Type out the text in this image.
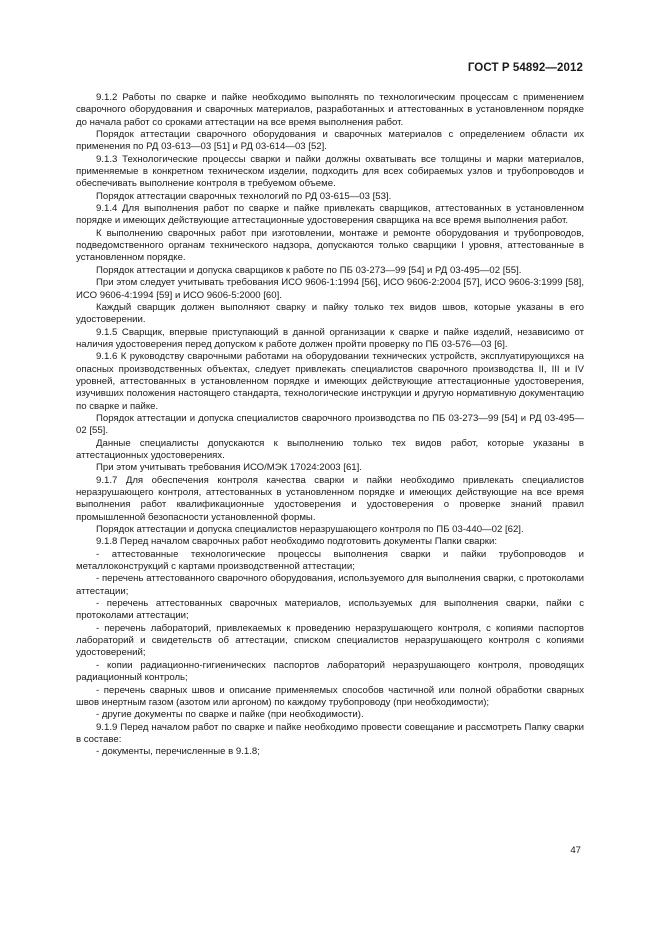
ГОСТ Р 54892—2012

9.1.2 Работы по сварке и пайке необходимо выполнять по технологическим процессам с применением сварочного оборудования и сварочных материалов, разработанных и аттестованных в установленном порядке до начала работ со сроками аттестации на все время выполнения работ.

Порядок аттестации сварочного оборудования и сварочных материалов с определением области их применения по РД 03-613—03 [51] и РД 03-614—03 [52].

9.1.3 Технологические процессы сварки и пайки должны охватывать все толщины и марки материалов, применяемые в конкретном техническом изделии, подходить для всех собираемых узлов и трубопроводов и обеспечивать выполнение контроля в требуемом объеме.

Порядок аттестации сварочных технологий по РД 03-615—03 [53].

9.1.4 Для выполнения работ по сварке и пайке привлекать сварщиков, аттестованных в установленном порядке и имеющих действующие аттестационные удостоверения сварщика на все время выполнения работ.

К выполнению сварочных работ при изготовлении, монтаже и ремонте оборудования и трубопроводов, подведомственного органам технического надзора, допускаются только сварщики I уровня, аттестованные в установленном порядке.

Порядок аттестации и допуска сварщиков к работе по ПБ 03-273—99 [54] и РД 03-495—02 [55].

При этом следует учитывать требования ИСО 9606-1:1994 [56], ИСО 9606-2:2004 [57], ИСО 9606-3:1999 [58], ИСО 9606-4:1994 [59] и ИСО 9606-5:2000 [60].

Каждый сварщик должен выполняют сварку и пайку только тех видов швов, которые указаны в его удостоверении.

9.1.5 Сварщик, впервые приступающий в данной организации к сварке и пайке изделий, независимо от наличия удостоверения перед допуском к работе должен пройти проверку по ПБ 03-576—03 [6].

9.1.6 К руководству сварочными работами на оборудовании технических устройств, эксплуатирующихся на опасных производственных объектах, следует привлекать специалистов сварочного производства II, III и IV уровней, аттестованных в установленном порядке и имеющих действующие аттестационные удостоверения, изучивших положения настоящего стандарта, технологические инструкции и другую нормативную документацию по сварке и пайке.

Порядок аттестации и допуска специалистов сварочного производства по ПБ 03-273—99 [54] и РД 03-495—02 [55].

Данные специалисты допускаются к выполнению только тех видов работ, которые указаны в аттестационных удостоверениях.

При этом учитывать требования ИСО/МЭК 17024:2003 [61].

9.1.7 Для обеспечения контроля качества сварки и пайки необходимо привлекать специалистов неразрушающего контроля, аттестованных в установленном порядке и имеющих действующие на все время выполнения работ квалификационные удостоверения и удостоверения о проверке знаний правил промышленной безопасности установленной формы.

Порядок аттестации и допуска специалистов неразрушающего контроля по ПБ 03-440—02 [62].

9.1.8 Перед началом сварочных работ необходимо подготовить документы Папки сварки:

- аттестованные технологические процессы выполнения сварки и пайки трубопроводов и металлоконструкций с картами производственной аттестации;

- перечень аттестованного сварочного оборудования, используемого для выполнения сварки, с протоколами аттестации;

- перечень аттестованных сварочных материалов, используемых для выполнения сварки, пайки с протоколами аттестации;

- перечень лабораторий, привлекаемых к проведению неразрушающего контроля, с копиями паспортов лабораторий и свидетельств об аттестации, списком специалистов неразрушающего контроля с копиями удостоверений;

- копии радиационно-гигиенических паспортов лабораторий неразрушающего контроля, проводящих радиационный контроль;

- перечень сварных швов и описание применяемых способов частичной или полной обработки сварных швов инертным газом (азотом или аргоном) по каждому трубопроводу (при необходимости);

- другие документы по сварке и пайке (при необходимости).

9.1.9 Перед началом работ по сварке и пайке необходимо провести совещание и рассмотреть Папку сварки в составе:

- документы, перечисленные в 9.1.8;

47
